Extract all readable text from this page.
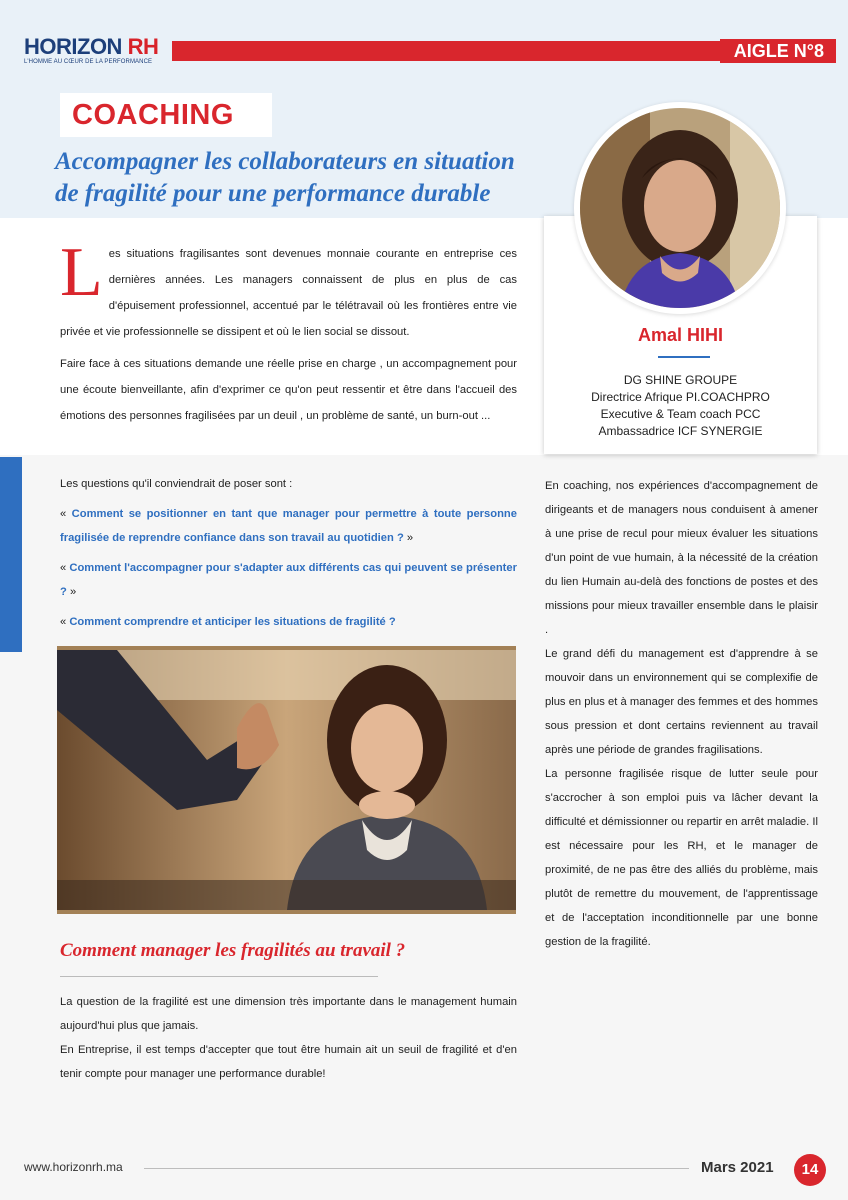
HORIZON RH
L'HOMME AU CŒUR DE LA PERFORMANCE
AIGLE N°8
COACHING
Accompagner les collaborateurs en situation
de fragilité pour une performance durable
Amal HIHI
DG SHINE GROUPE
Directrice Afrique PI.COACHPRO
Executive & Team coach PCC
Ambassadrice ICF SYNERGIE
L es situations fragilisantes sont devenues monnaie courante en entreprise ces dernières années. Les managers connaissent de plus en plus de cas d'épuisement professionnel, accentué par le télétravail où les frontières entre vie privée et vie professionnelle se dissipent et où le lien social se dissout.
Faire face à ces situations demande une réelle prise en charge , un accompagnement pour une écoute bienveillante, afin d'exprimer ce qu'on peut ressentir et être dans l'accueil des émotions des personnes fragilisées par un deuil , un problème de santé, un burn-out ...
Les questions qu'il conviendrait de poser sont :
« Comment se positionner en tant que manager pour permettre à toute personne fragilisée de reprendre confiance dans son travail au quotidien ? »
« Comment l'accompagner pour s'adapter aux différents cas qui peuvent se présenter ? »
« Comment comprendre et anticiper les situations de fragilité ?
Comment manager les fragilités au travail ?
La question de la fragilité est une dimension très importante dans le management humain aujourd'hui plus que jamais.
En Entreprise, il est temps d'accepter que tout être humain ait un seuil de fragilité et d'en tenir compte pour manager une performance durable!

En coaching, nos expériences d'accompagnement de dirigeants et de managers nous conduisent à amener à une prise de recul pour mieux évaluer les situations d'un point de vue humain, à la nécessité de la création du lien Humain au-delà des fonctions de postes et des missions pour mieux travailler ensemble dans le plaisir .

Le grand défi du management est d'apprendre à se mouvoir dans un environnement qui se complexifie de plus en plus et à manager des femmes et des hommes sous pression et dont certains reviennent au travail après une période de grandes fragilisations.

La personne fragilisée risque de lutter seule pour s'accrocher à son emploi puis va lâcher devant la difficulté et démissionner ou repartir en arrêt maladie. Il est nécessaire pour les RH, et le manager de proximité, de ne pas être des alliés du problème, mais plutôt de remettre du mouvement, de l'apprentissage et de l'acceptation inconditionnelle par une bonne gestion de la fragilité.

www.horizonrh.ma	Mars 2021	14
